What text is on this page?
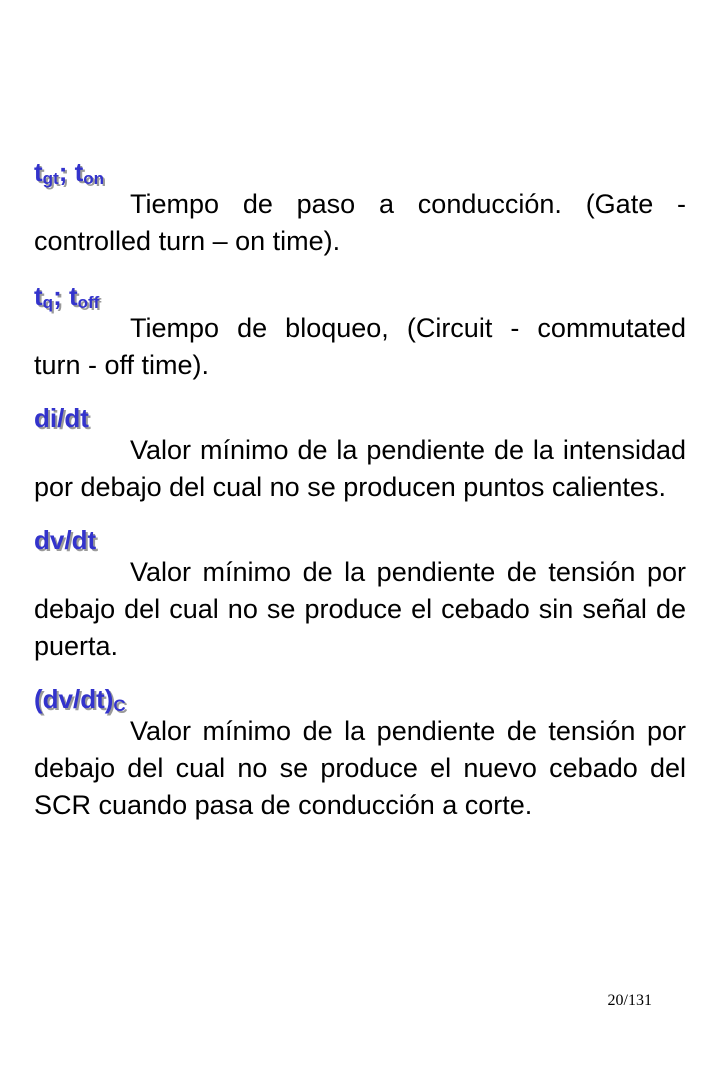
$t_{gt}$; $t_{on}$

Tiempo de paso a conducción. (Gate - controlled turn – on time).

$t_q$; $t_{off}$

Tiempo de bloqueo, (Circuit - commutated turn - off time).

di/dt

Valor mínimo de la pendiente de la intensidad por debajo del cual no se producen puntos calientes.

dv/dt

Valor mínimo de la pendiente de tensión por debajo del cual no se produce el cebado sin señal de puerta.

$(dv/dt)_C$

Valor mínimo de la pendiente de tensión por debajo del cual no se produce el nuevo cebado del SCR cuando pasa de conducción a corte.

20/131
